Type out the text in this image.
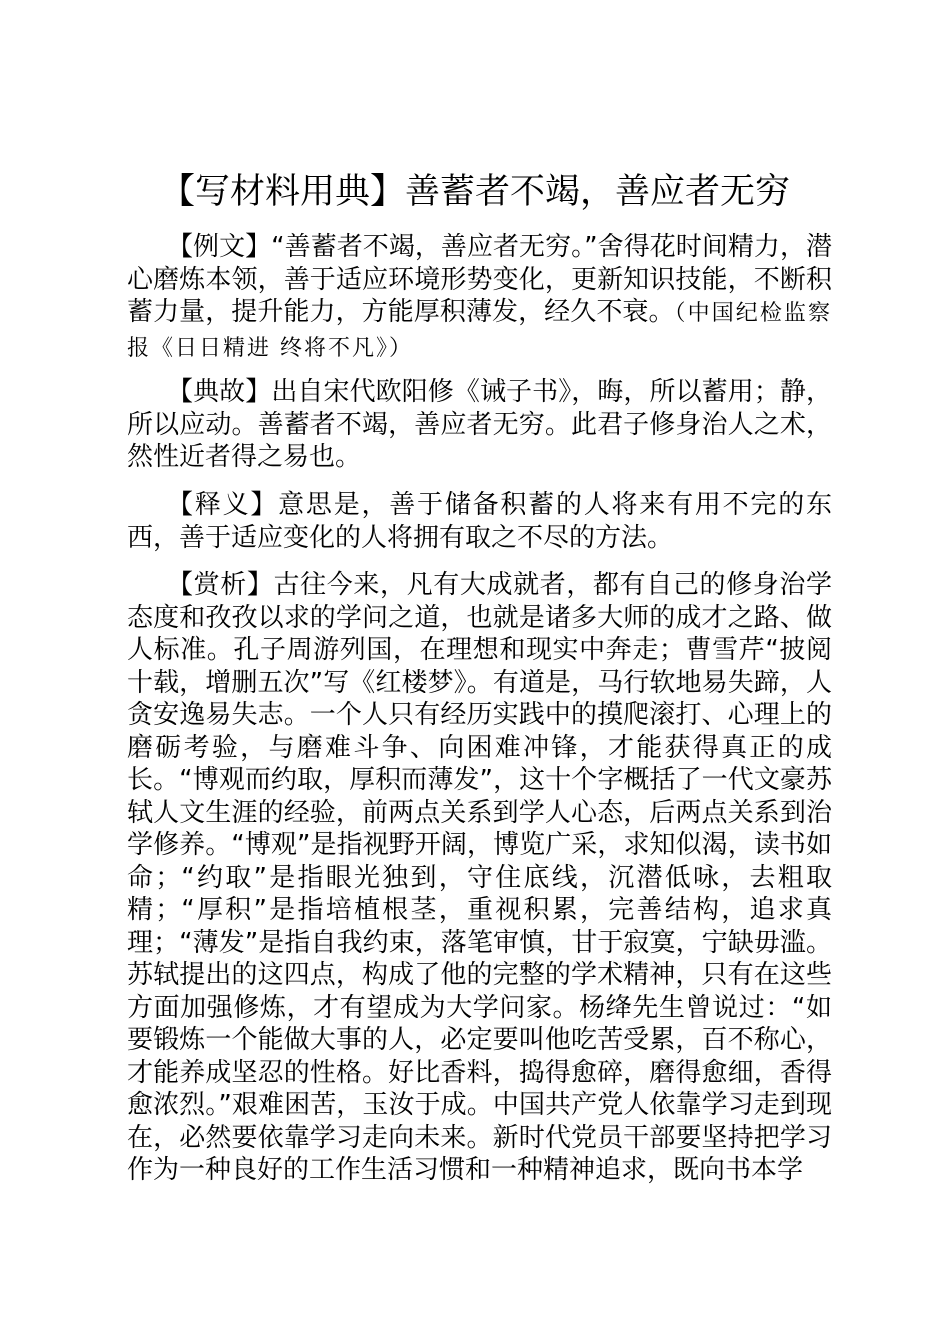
【写材料用典】善蓄者不竭，善应者无穷

【例文】“善蓄者不竭，善应者无穷。”舍得花时间精力，潜心磨炼本领，善于适应环境形势变化，更新知识技能，不断积蓄力量，提升能力，方能厚积薄发，经久不衰。（中国纪检监察报《日日精进 终将不凡》）

【典故】出自宋代欧阳修《诫子书》，晦，所以蓄用；静，所以应动。善蓄者不竭，善应者无穷。此君子修身治人之术，然性近者得之易也。

【释义】意思是，善于储备积蓄的人将来有用不完的东西，善于适应变化的人将拥有取之不尽的方法。

【赏析】古往今来，凡有大成就者，都有自己的修身治学态度和孜孜以求的学问之道，也就是诸多大师的成才之路、做人标准。孔子周游列国，在理想和现实中奔走；曹雪芹“披阅十载，增删五次”写《红楼梦》。有道是，马行软地易失蹄，人贪安逸易失志。一个人只有经历实践中的摸爬滚打、心理上的磨砺考验，与磨难斗争、向困难冲锋，才能获得真正的成长。“博观而约取，厚积而薄发”，这十个字概括了一代文豪苏轼人文生涯的经验，前两点关系到学人心态，后两点关系到治学修养。“博观”是指视野开阔，博览广采，求知似渴，读书如命；“约取”是指眼光独到，守住底线，沉潜低咏，去粗取精；“厚积”是指培植根茎，重视积累，完善结构，追求真理；“薄发”是指自我约束，落笔审慎，甘于寂寞，宁缺毋滥。苏轼提出的这四点，构成了他的完整的学术精神，只有在这些方面加强修炼，才有望成为大学问家。杨绛先生曾说过：“如要锻炼一个能做大事的人，必定要叫他吃苦受累，百不称心，才能养成坚忍的性格。好比香料，捣得愈碎，磨得愈细，香得愈浓烈。”艰难困苦，玉汝于成。中国共产党人依靠学习走到现在，必然要依靠学习走向未来。新时代党员干部要坚持把学习作为一种良好的工作生活习惯和一种精神追求，既向书本学
